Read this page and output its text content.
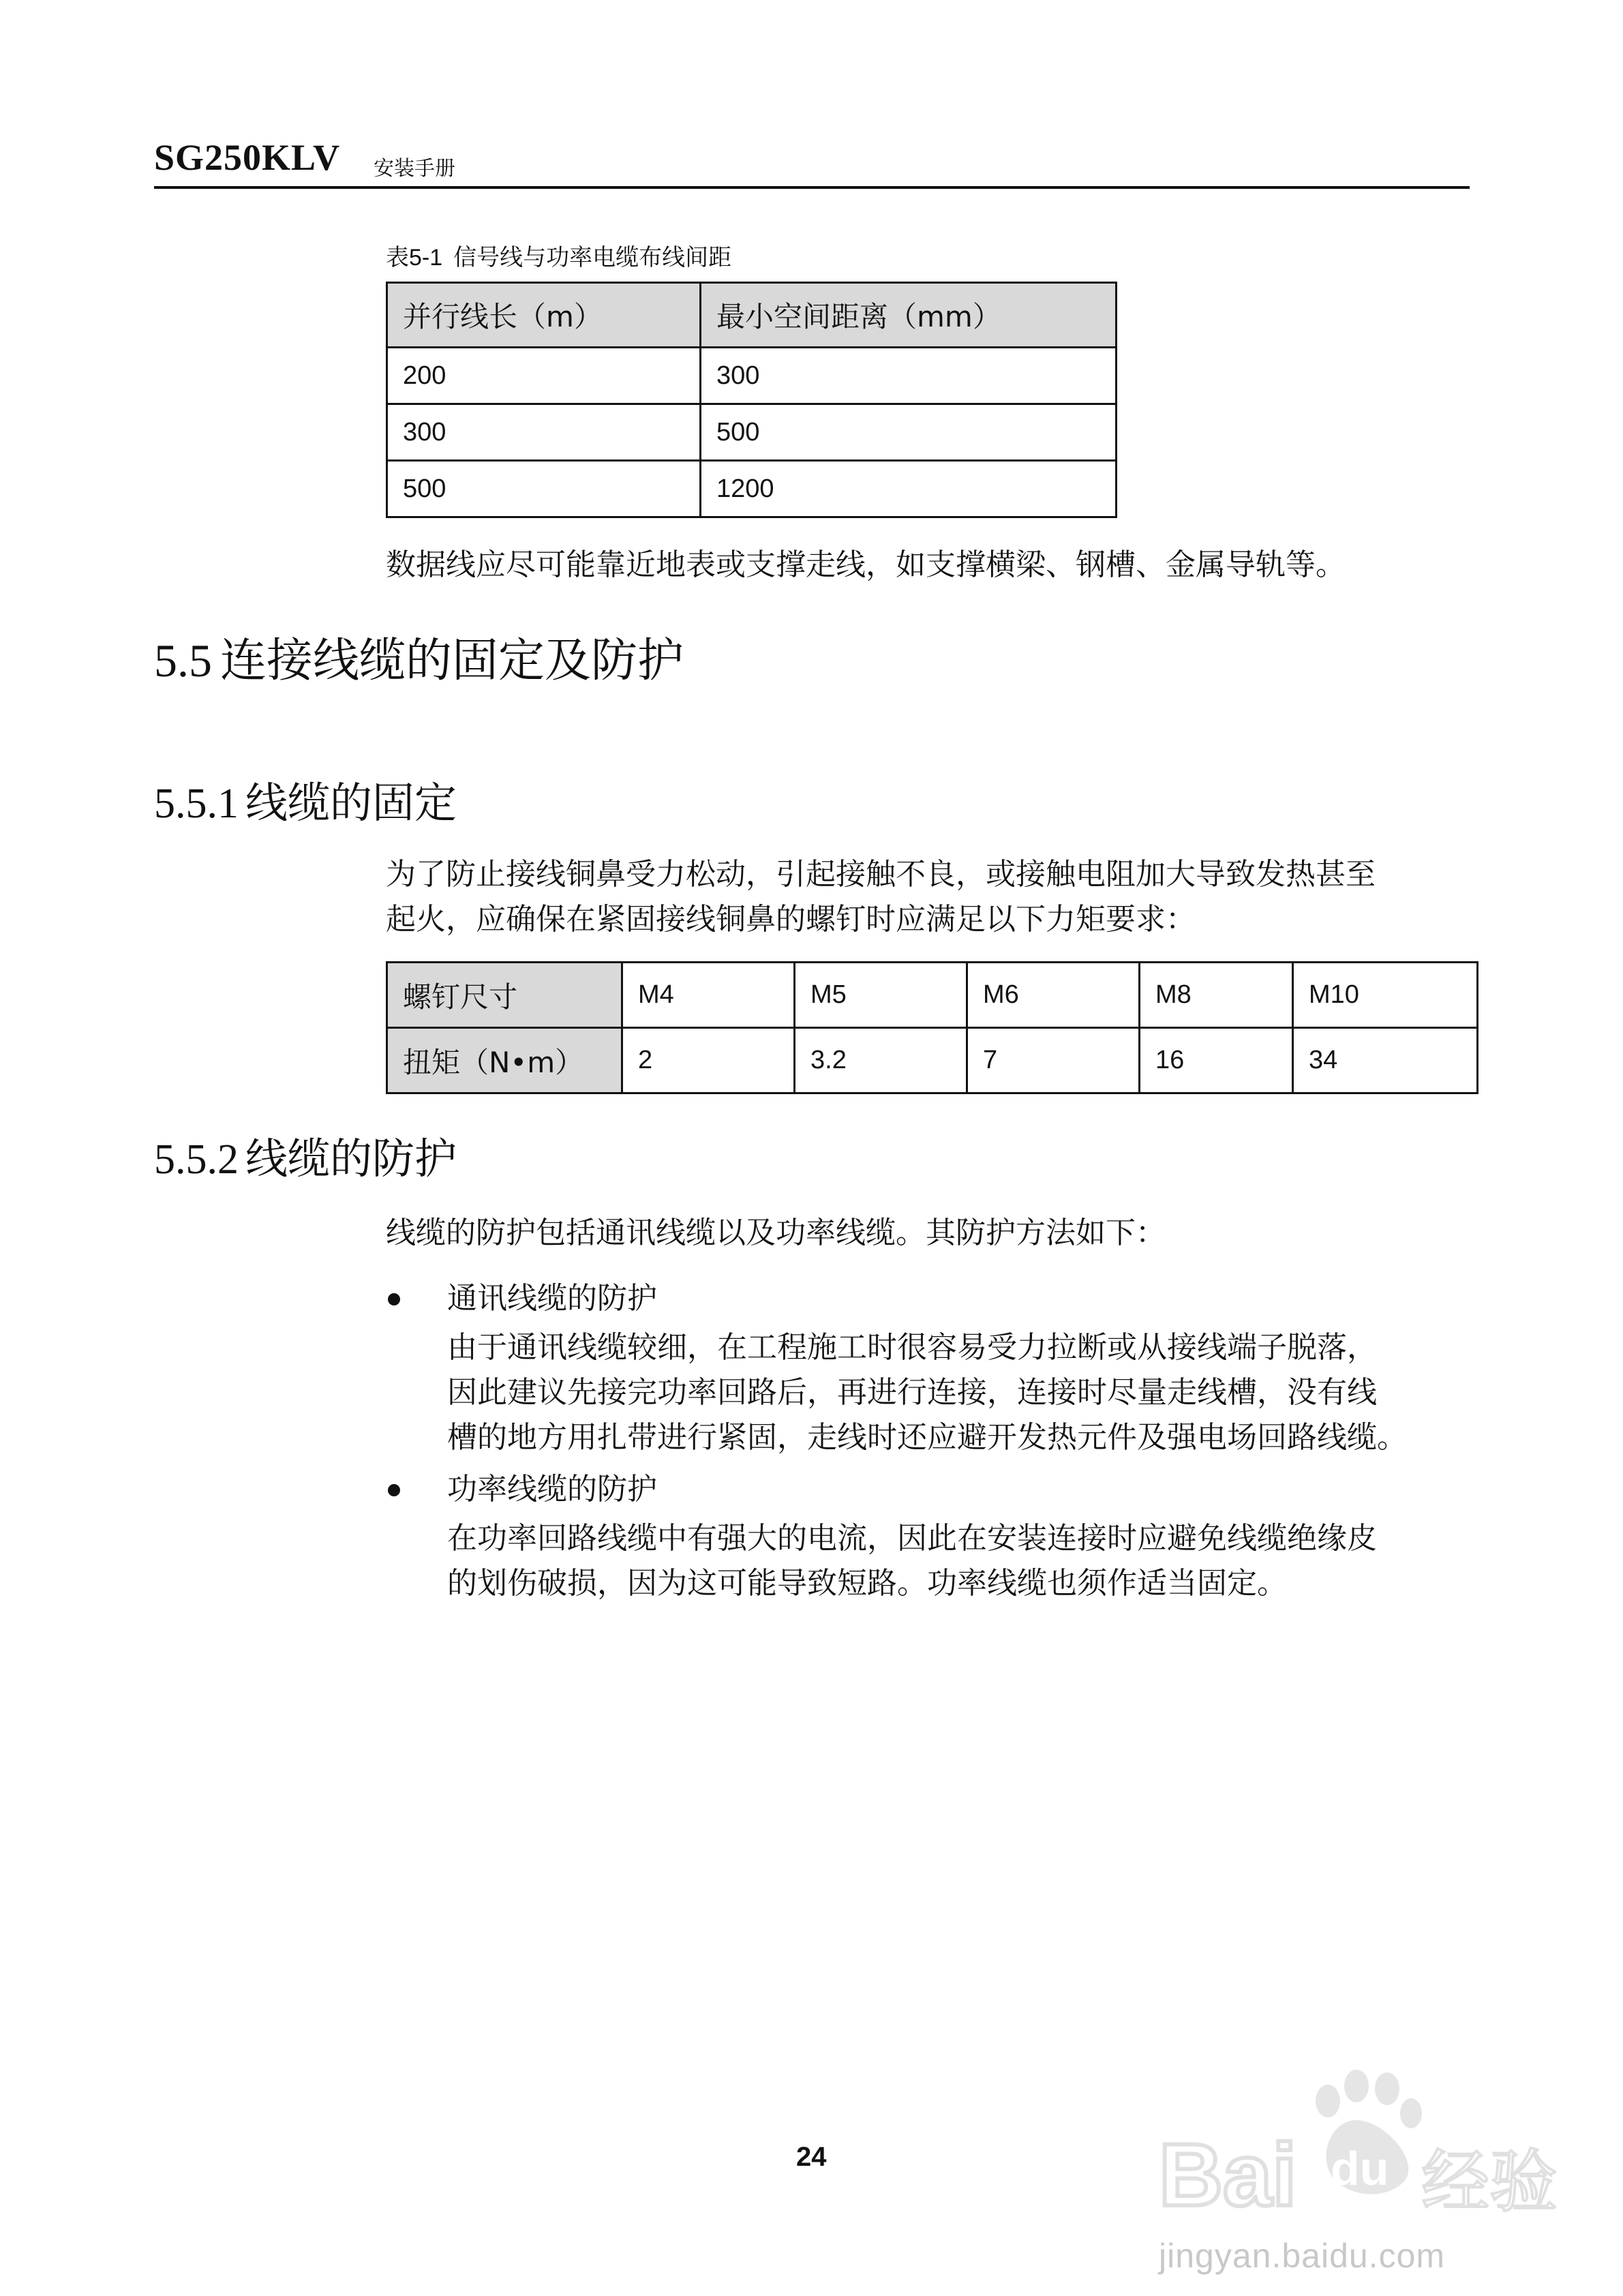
SG250KLV 安装手册
表5-1 信号线与功率电缆布线间距
并行线长（m）	最小空间距离（mm）
200	300
300	500
500	1200
数据线应尽可能靠近地表或支撑走线，如支撑横梁、钢槽、金属导轨等。
5.5 连接线缆的固定及防护
5.5.1 线缆的固定
为了防止接线铜鼻受力松动，引起接触不良，或接触电阻加大导致发热甚至
起火，应确保在紧固接线铜鼻的螺钉时应满足以下力矩要求：
螺钉尺寸	M4	M5	M6	M8	M10
扭矩（N•m）	2	3.2	7	16	34
5.5.2 线缆的防护
线缆的防护包括通讯线缆以及功率线缆。其防护方法如下：
通讯线缆的防护
由于通讯线缆较细，在工程施工时很容易受力拉断或从接线端子脱落，
因此建议先接完功率回路后，再进行连接，连接时尽量走线槽，没有线
槽的地方用扎带进行紧固，走线时还应避开发热元件及强电场回路线缆。
功率线缆的防护
在功率回路线缆中有强大的电流，因此在安装连接时应避免线缆绝缘皮
的划伤破损，因为这可能导致短路。功率线缆也须作适当固定。
24	Bai du 经验
jingyan.baidu.com
